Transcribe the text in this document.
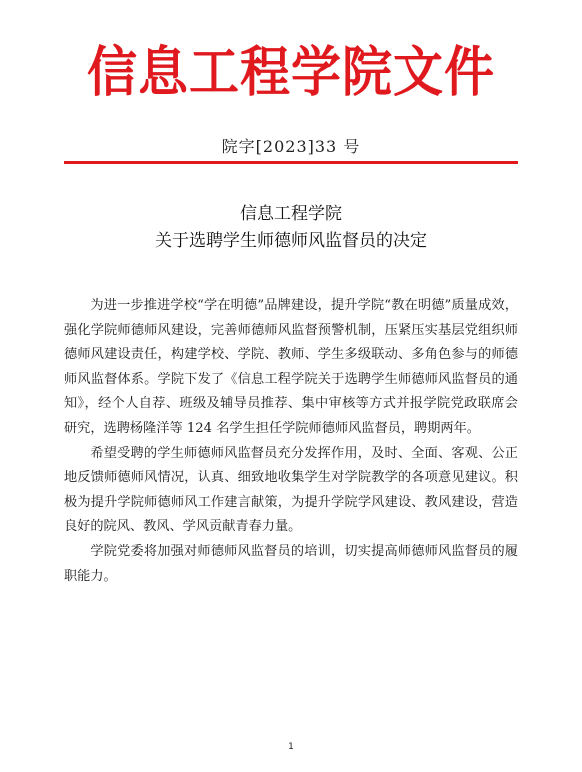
信息工程学院文件
院字[2023]33 号
信息工程学院
关于选聘学生师德师风监督员的决定

为进一步推进学校“学在明德”品牌建设，提升学院“教在明德”质量成效，强化学院师德师风建设，完善师德师风监督预警机制，压紧压实基层党组织师德师风建设责任，构建学校、学院、教师、学生多级联动、多角色参与的师德师风监督体系。学院下发了《信息工程学院关于选聘学生师德师风监督员的通知》，经个人自荐、班级及辅导员推荐、集中审核等方式并报学院党政联席会研究，选聘杨隆洋等 124 名学生担任学院师德师风监督员，聘期两年。

希望受聘的学生师德师风监督员充分发挥作用，及时、全面、客观、公正地反馈师德师风情况，认真、细致地收集学生对学院教学的各项意见建议。积极为提升学院师德师风工作建言献策，为提升学院学风建设、教风建设，营造良好的院风、教风、学风贡献青春力量。

学院党委将加强对师德师风监督员的培训，切实提高师德师风监督员的履职能力。

1
